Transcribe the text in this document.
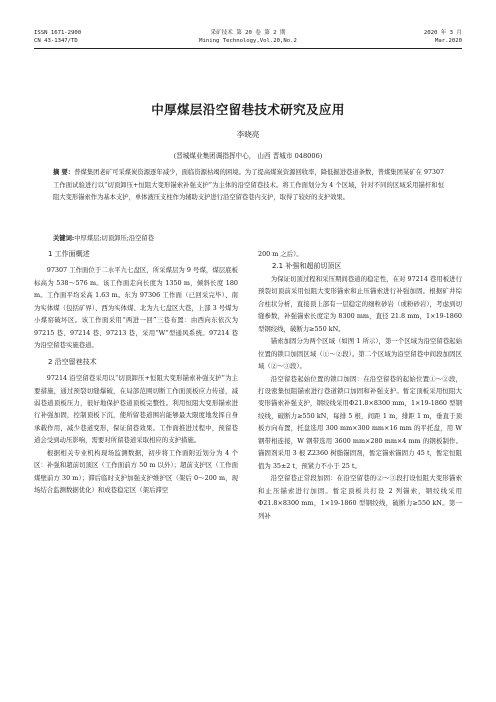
ISSN 1671-2900
CN 43-1347/TD
采矿技术 第 20 卷 第 2 期
Mining Technology,Vol.20,No.2
2020 年 3 月
Mar.2020
中厚煤层沿空留巷技术研究及应用
李晓亮
(晋城煤业集团调指挥中心， 山西 晋城市 048006)
摘 要：普煤集团老矿可采煤炭资源逐年减少，面临资源枯竭的困境。为了提高煤炭资源回收率，降低掘进巷道条数，普煤集团某矿在 97307 工作面试验进行以“切顶卸压+恒阻大变形锚索补强支护”为主体的沿空留巷技术。将工作面划分为 4 个区域，针对不同的区域采用锚杆和恒阻大变形锚索作为基本支护，单体液压支柱作为辅助支护进行沿空留巷巷内支护，取得了较好的支护效果。
关键词:中厚煤层;切顶卸压;沿空留巷

1 工作面概述

97307 工作面位于二水平九七盘区，所采煤层为 9 号煤，煤层底板标高为 538～576 m。该工作面走向长度为 1350 m，倾斜长度 180 m。工作面平均采高 1.63 m。东为 97306 工作面（已回采完毕）、南为实体煤（包括矿界）、西为实体煤、北为九七盘区大巷，上部 3 号煤为小煤窑破坏区。该工作面采用“两进一回”三巷布置：由西向东依次为 97215 巷、97214 巷、97213 巷，采用“W”型通风系统。97214 巷为沿空留巷实施巷道。

2 沿空留巷技术

97214 沿空留巷采用以“切顶卸压+恒阻大变形锚索补强支护”为主要措施，通过预裂切缝爆破，在局部范围切断工作面顶板应力传递，减弱巷道顶板压力，很好地保护巷道顶板完整性。利用恒阻大变形锚索进行补强加固，控制顶板下沉，使所留巷道围岩能够最大限度地发挥自身承载作用，减少巷道变形，保证留巷效果。工作面推进过程中，预留巷道会受到动压影响，需要对所留巷道采取相应的支护措施。

根据相关专业机构现场监测数据，初步将工作面附近划分为 4 个区：补强和超前切顶区（工作面前方 50 m 以外）；超前支护区（工作面煤壁前方 30 m）；滞后临时支护加强支护维护区（架后 0～200 m，现场结合监测数据优化）和成巷稳定区（架后滞空

200 m 之后）。

2.1 补强和超前切顶区

为保证切顶过程和采压期间巷道的稳定性，在对 97214 巷用板进行预裂切顶前采用恒阻大变形锚索和止压锚索进行补强加固。根据矿井综合柱状分析，直接顶上部有一层稳定的细粒砂岩（或粉砂岩），考虑到切缝参数，补强锚索长度定为 8300 mm，直径 21.8 mm，1×19-1860 型钢绞线，破断力≥550 kN。

锚索加固分为两个区域（如图 1 所示），第一个区域为沿空留巷起始位置的锁口加固区域（①～②段）。第二个区域为沿空留巷中间段加固区域（②～③段）。

沿空留巷起始位置的锁口加固：在沿空留巷的起始位置①～②段，打设密集恒阻锚索进行巷道锁口加固和补强支护。暂定顶板采用恒阻大变形锚索补强支护，钢绞线采用Φ21.8×8300 mm，1×19-1860 型钢绞线，破断力≥550 kN，每排 5 根，间距 1 m，排距 1 m，垂直于顶板方向布置，托盘选用 300 mm×300 mm×16 mm 的平托盘，用 W 钢带相连接，W 钢带选用 3600 mm×280 mm×4 mm 的钢板制作。锚固剂采用 3 根 Z2360 树脂锚固剂，暂定锚索锚固力 45 t，暂定恒阻值为 35±2 t，预紧力不小于 25 t。

沿空留巷正常段加固：在沿空留巷的②～③段打设恒阻大变形锚索和止压锚索进行加固。暂定顶板共打设 2 列锚索，钢绞线采用Φ21.8×8300 mm，1×19-1860 型钢绞线，破断力≥550 kN。第一列补
